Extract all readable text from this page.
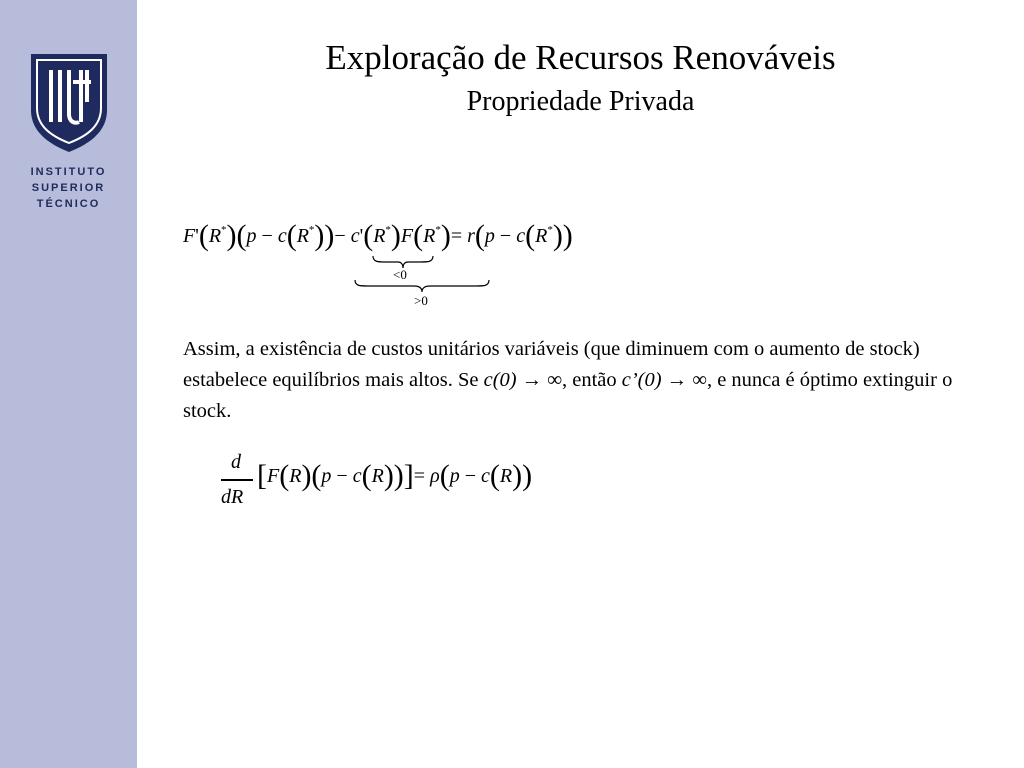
INSTITUTO
SUPERIOR
TÉCNICO
Exploração de Recursos Renováveis
Propriedade Privada
F'(R*)(p − c(R*))− c'(R*)F(R*)= r(p − c(R*))
<0
>0
Assim, a existência de custos unitários variáveis (que diminuem com o aumento de stock) estabelece equilíbrios mais altos. Se c(0) → ∞, então c’(0) → ∞, e nunca é óptimo extinguir o stock.
d
dR
[F(R)(p − c(R))]= ρ(p − c(R))
